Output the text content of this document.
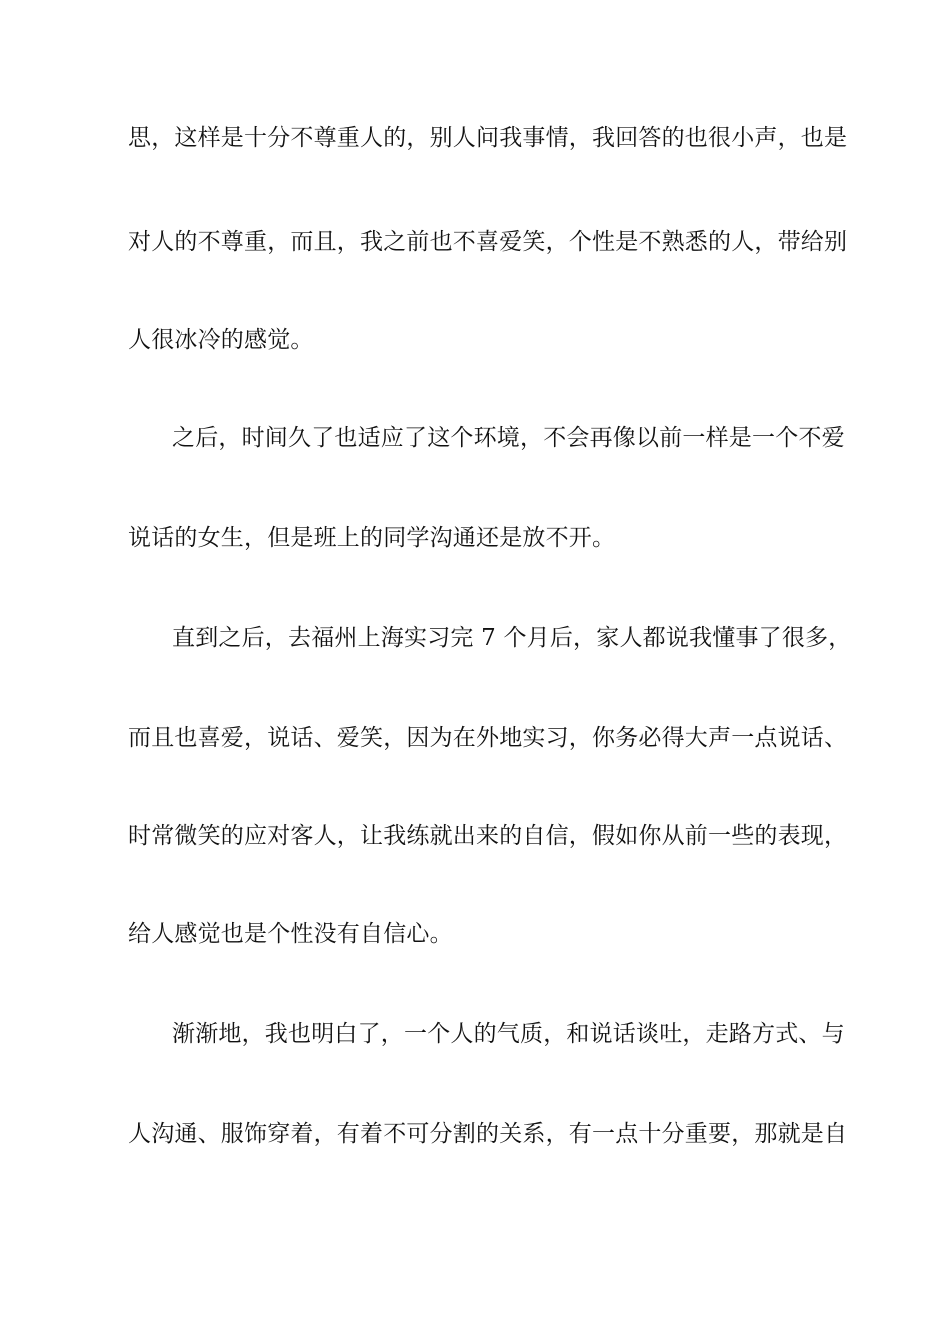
思，这样是十分不尊重人的，别人问我事情，我回答的也很小声，也是
对人的不尊重，而且，我之前也不喜爱笑，个性是不熟悉的人，带给别
人很冰冷的感觉。
之后，时间久了也适应了这个环境，不会再像以前一样是一个不爱
说话的女生，但是班上的同学沟通还是放不开。
直到之后，去福州上海实习完 7 个月后，家人都说我懂事了很多，
而且也喜爱，说话、爱笑，因为在外地实习，你务必得大声一点说话、
时常微笑的应对客人，让我练就出来的自信，假如你从前一些的表现，
给人感觉也是个性没有自信心。
渐渐地，我也明白了，一个人的气质，和说话谈吐，走路方式、与
人沟通、服饰穿着，有着不可分割的关系，有一点十分重要，那就是自
